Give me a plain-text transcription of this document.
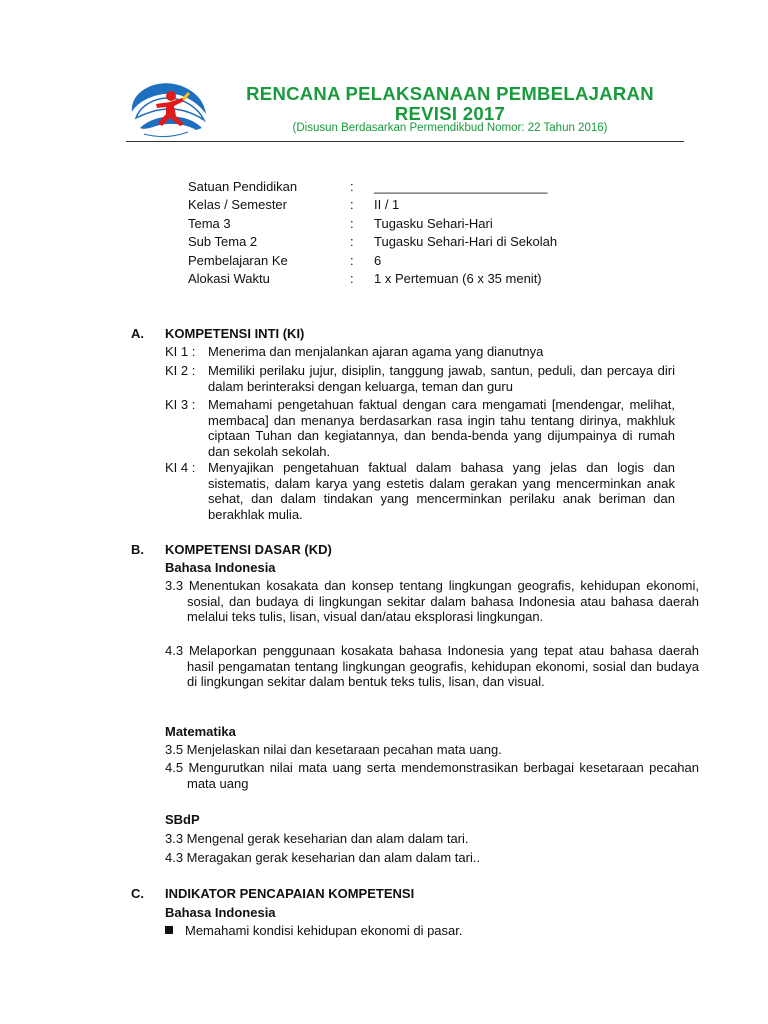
RENCANA PELAKSANAAN PEMBELAJARAN
REVISI 2017
(Disusun Berdasarkan Permendikbud Nomor: 22 Tahun 2016)
Satuan Pendidikan	: ________________________
Kelas / Semester	: II / 1
Tema 3	: Tugasku Sehari-Hari
Sub Tema 2	: Tugasku Sehari-Hari di Sekolah
Pembelajaran Ke	: 6
Alokasi Waktu	: 1 x Pertemuan (6 x 35 menit)
A. KOMPETENSI INTI (KI)
KI 1 : Menerima dan menjalankan ajaran agama yang dianutnya
KI 2 : Memiliki perilaku jujur, disiplin, tanggung jawab, santun, peduli, dan percaya diri dalam berinteraksi dengan keluarga, teman dan guru
KI 3 : Memahami pengetahuan faktual dengan cara mengamati [mendengar, melihat, membaca] dan menanya berdasarkan rasa ingin tahu tentang dirinya, makhluk ciptaan Tuhan dan kegiatannya, dan benda-benda yang dijumpainya di rumah dan sekolah sekolah.
KI 4 : Menyajikan pengetahuan faktual dalam bahasa yang jelas dan logis dan sistematis, dalam karya yang estetis dalam gerakan yang mencerminkan anak sehat, dan dalam tindakan yang mencerminkan perilaku anak beriman dan berakhlak mulia.
B. KOMPETENSI DASAR (KD)
Bahasa Indonesia
3.3 Menentukan kosakata dan konsep tentang lingkungan geografis, kehidupan ekonomi, sosial, dan budaya di lingkungan sekitar dalam bahasa Indonesia atau bahasa daerah melalui teks tulis, lisan, visual dan/atau eksplorasi lingkungan.
4.3 Melaporkan penggunaan kosakata bahasa Indonesia yang tepat atau bahasa daerah hasil pengamatan tentang lingkungan geografis, kehidupan ekonomi, sosial dan budaya di lingkungan sekitar dalam bentuk teks tulis, lisan, dan visual.
Matematika
3.5 Menjelaskan nilai dan kesetaraan pecahan mata uang.
4.5 Mengurutkan nilai mata uang serta mendemonstrasikan berbagai kesetaraan pecahan mata uang
SBdP
3.3 Mengenal gerak keseharian dan alam dalam tari.
4.3 Meragakan gerak keseharian dan alam dalam tari..
C. INDIKATOR PENCAPAIAN KOMPETENSI
Bahasa Indonesia
Memahami kondisi kehidupan ekonomi di pasar.
